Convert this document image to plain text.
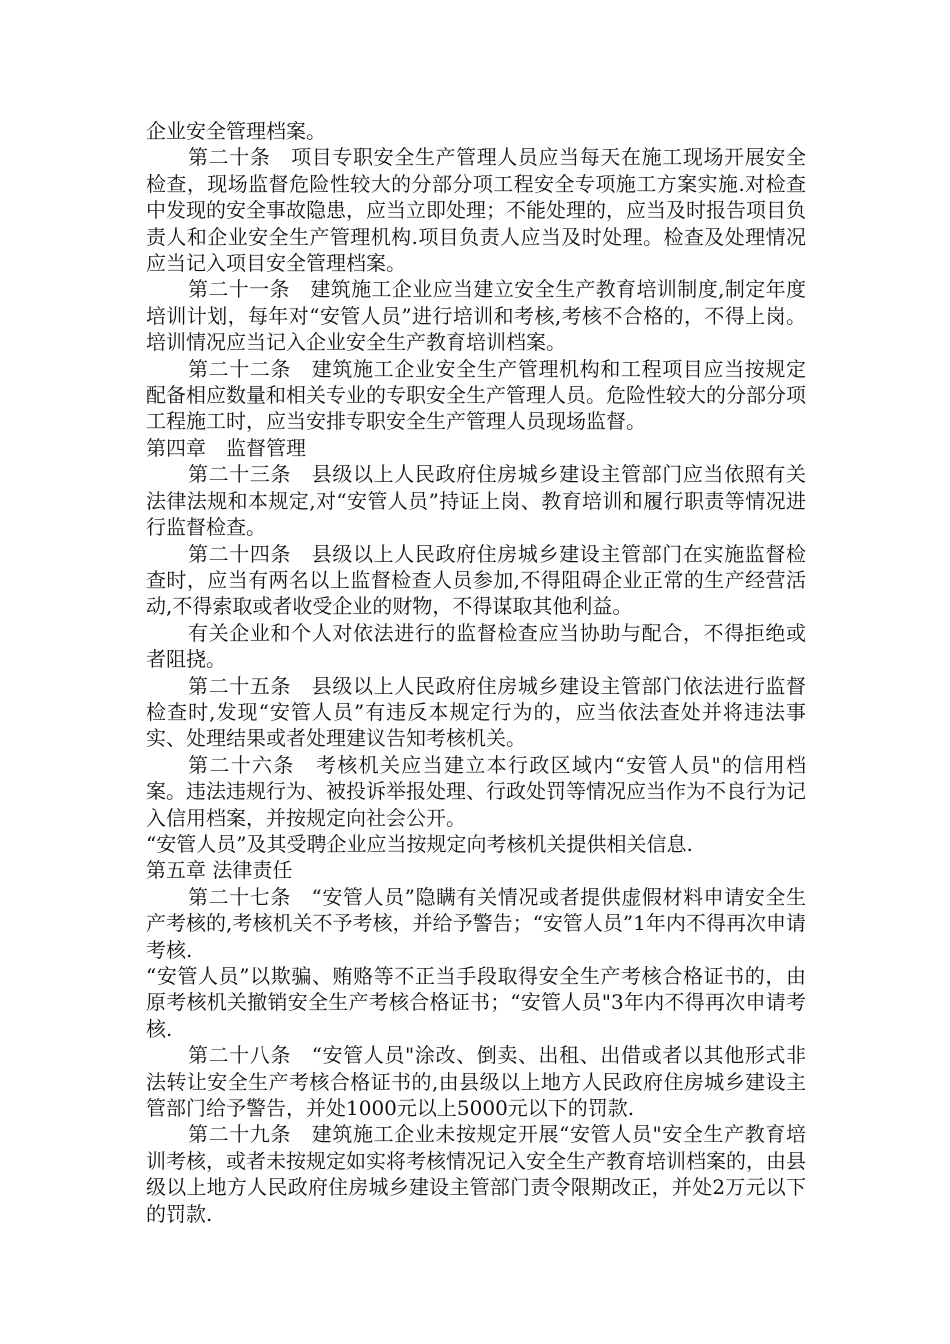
企业安全管理档案。

第二十条　项目专职安全生产管理人员应当每天在施工现场开展安全检查，现场监督危险性较大的分部分项工程安全专项施工方案实施.对检查中发现的安全事故隐患，应当立即处理；不能处理的，应当及时报告项目负责人和企业安全生产管理机构.项目负责人应当及时处理。检查及处理情况应当记入项目安全管理档案。

第二十一条　建筑施工企业应当建立安全生产教育培训制度,制定年度培训计划，每年对“安管人员”进行培训和考核,考核不合格的，不得上岗。培训情况应当记入企业安全生产教育培训档案。

第二十二条　建筑施工企业安全生产管理机构和工程项目应当按规定配备相应数量和相关专业的专职安全生产管理人员。危险性较大的分部分项工程施工时，应当安排专职安全生产管理人员现场监督。

第四章　监督管理

第二十三条　县级以上人民政府住房城乡建设主管部门应当依照有关法律法规和本规定,对“安管人员”持证上岗、教育培训和履行职责等情况进行监督检查。

第二十四条　县级以上人民政府住房城乡建设主管部门在实施监督检查时，应当有两名以上监督检查人员参加,不得阻碍企业正常的生产经营活动,不得索取或者收受企业的财物，不得谋取其他利益。

有关企业和个人对依法进行的监督检查应当协助与配合，不得拒绝或者阻挠。

第二十五条　县级以上人民政府住房城乡建设主管部门依法进行监督检查时,发现“安管人员”有违反本规定行为的，应当依法查处并将违法事实、处理结果或者处理建议告知考核机关。

第二十六条　考核机关应当建立本行政区域内“安管人员"的信用档案。违法违规行为、被投诉举报处理、行政处罚等情况应当作为不良行为记入信用档案，并按规定向社会公开。

“安管人员”及其受聘企业应当按规定向考核机关提供相关信息.

第五章 法律责任

第二十七条　“安管人员”隐瞒有关情况或者提供虚假材料申请安全生产考核的,考核机关不予考核，并给予警告；“安管人员”1年内不得再次申请考核.

“安管人员”以欺骗、贿赂等不正当手段取得安全生产考核合格证书的，由原考核机关撤销安全生产考核合格证书；“安管人员"3年内不得再次申请考核.

第二十八条　“安管人员"涂改、倒卖、出租、出借或者以其他形式非法转让安全生产考核合格证书的,由县级以上地方人民政府住房城乡建设主管部门给予警告，并处1000元以上5000元以下的罚款.

第二十九条　建筑施工企业未按规定开展“安管人员"安全生产教育培训考核，或者未按规定如实将考核情况记入安全生产教育培训档案的，由县级以上地方人民政府住房城乡建设主管部门责令限期改正，并处2万元以下的罚款.
